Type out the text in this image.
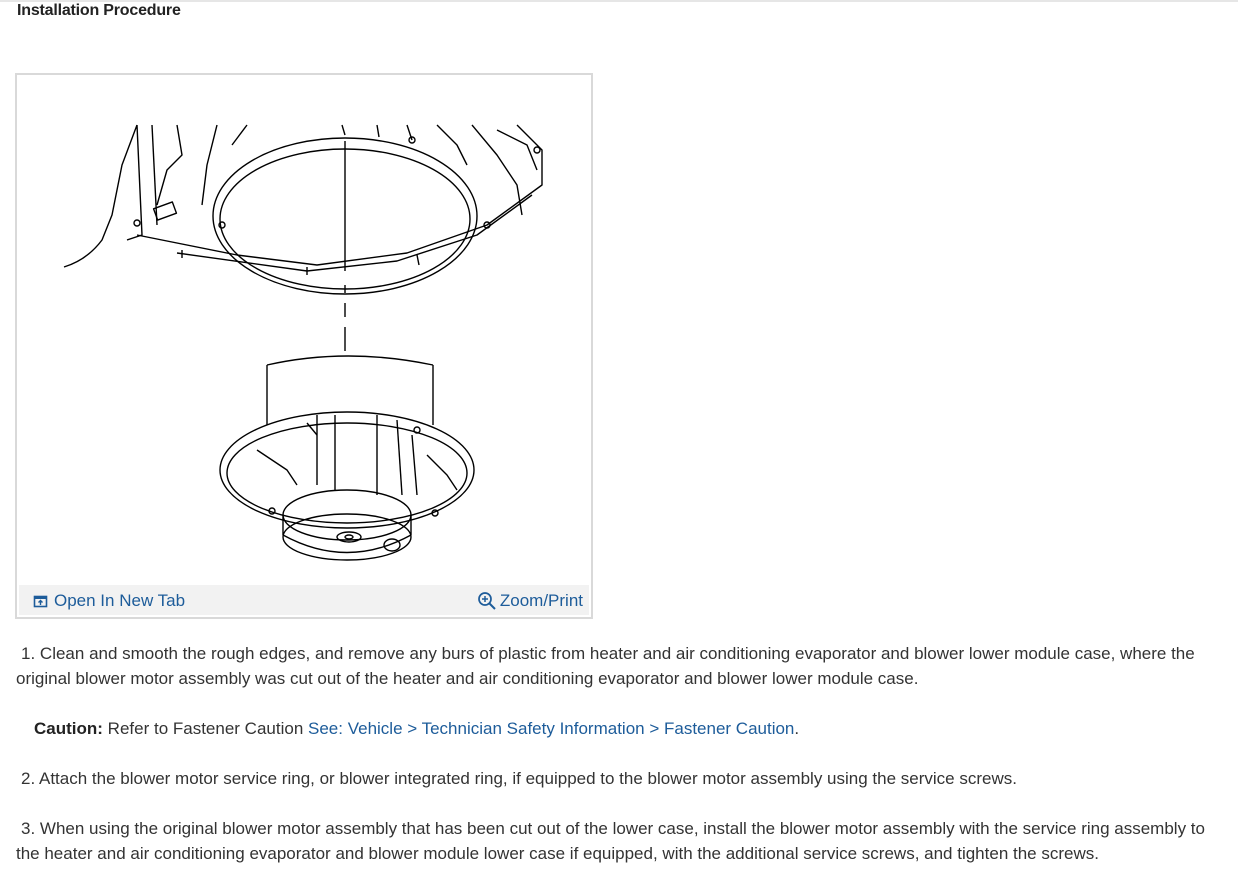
Installation Procedure
Open In New Tab	Zoom/Print
1. Clean and smooth the rough edges, and remove any burs of plastic from heater and air conditioning evaporator and blower lower module case, where the original blower motor assembly was cut out of the heater and air conditioning evaporator and blower lower module case.
Caution: Refer to Fastener Caution See: Vehicle > Technician Safety Information > Fastener Caution.
2. Attach the blower motor service ring, or blower integrated ring, if equipped to the blower motor assembly using the service screws.
3. When using the original blower motor assembly that has been cut out of the lower case, install the blower motor assembly with the service ring assembly to the heater and air conditioning evaporator and blower module lower case if equipped, with the additional service screws, and tighten the screws.
